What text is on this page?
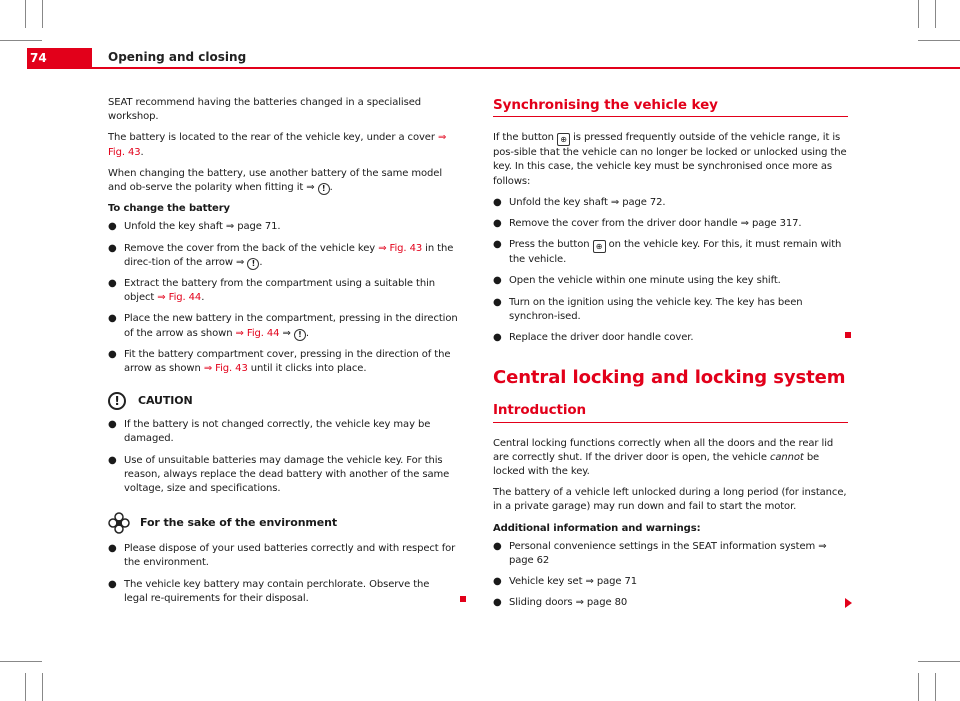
74	Opening and closing

SEAT recommend having the batteries changed in a specialised workshop.

The battery is located to the rear of the vehicle key, under a cover ⇒ Fig. 43.

When changing the battery, use another battery of the same model and ob-serve the polarity when fitting it ⇒ ! .

To change the battery

● Unfold the key shaft ⇒ page 71.
● Remove the cover from the back of the vehicle key ⇒ Fig. 43 in the direc-tion of the arrow ⇒ ! .
● Extract the battery from the compartment using a suitable thin object ⇒ Fig. 44.
● Place the new battery in the compartment, pressing in the direction of the arrow as shown ⇒ Fig. 44 ⇒ ! .
● Fit the battery compartment cover, pressing in the direction of the arrow as shown ⇒ Fig. 43 until it clicks into place.
!	CAUTION
● If the battery is not changed correctly, the vehicle key may be damaged.
● Use of unsuitable batteries may damage the vehicle key. For this reason, always replace the dead battery with another of the same voltage, size and specifications.
For the sake of the environment
● Please dispose of your used batteries correctly and with respect for the environment.
● The vehicle key battery may contain perchlorate. Observe the legal re-quirements for their disposal.
Synchronising the vehicle key

If the button ⊕ is pressed frequently outside of the vehicle range, it is pos-sible that the vehicle can no longer be locked or unlocked using the key. In this case, the vehicle key must be synchronised once more as follows:

● Unfold the key shaft ⇒ page 72.
● Remove the cover from the driver door handle ⇒ page 317.
● Press the button ⊕ on the vehicle key. For this, it must remain with the vehicle.
● Open the vehicle within one minute using the key shift.
● Turn on the ignition using the vehicle key. The key has been synchron-ised.
● Replace the driver door handle cover.
Central locking and locking system
Introduction

Central locking functions correctly when all the doors and the rear lid are correctly shut. If the driver door is open, the vehicle cannot be locked with the key.

The battery of a vehicle left unlocked during a long period (for instance, in a private garage) may run down and fail to start the motor.

Additional information and warnings:

● Personal convenience settings in the SEAT information system ⇒ page 62
● Vehicle key set ⇒ page 71
● Sliding doors ⇒ page 80
